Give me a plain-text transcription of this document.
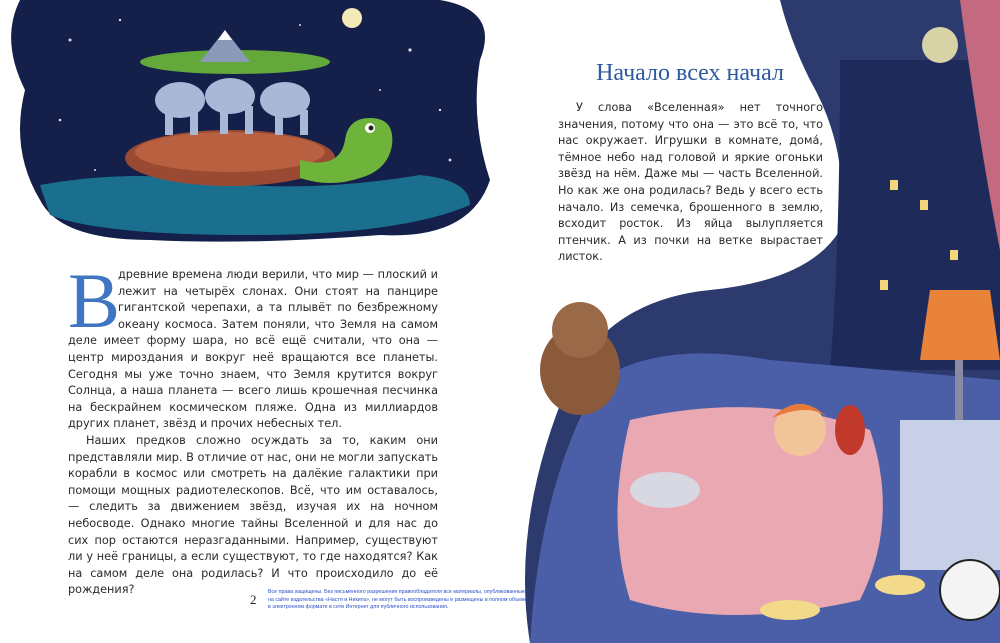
Начало всех начал

У слова «Вселенная» нет точного значения, потому что она — это всё то, что нас окружает. Игрушки в комнате, дома́, тёмное небо над головой и яркие огоньки звёзд на нём. Даже мы — часть Вселенной. Но как же она родилась? Ведь у всего есть начало. Из семечка, брошенного в землю, всходит росток. Из яйца вылупляется птенчик. А из почки на ветке вырастает листок.

В

древние времена люди верили, что мир — плоский и лежит на четырёх слонах. Они стоят на панцире гигантской черепахи, а та плывёт по безбрежному океану космоса. Затем поняли, что Земля на самом деле имеет форму шара, но всё ещё считали, что она — центр мироздания и вокруг неё вращаются все планеты. Сегодня мы уже точно знаем, что Земля крутится вокруг Солнца, а наша планета — всего лишь крошечная песчинка на бескрайнем космическом пляже. Одна из миллиардов других планет, звёзд и прочих небесных тел.

Наших предков сложно осуждать за то, каким они представляли мир. В отличие от нас, они не могли запускать корабли в космос или смотреть на далёкие галактики при помощи мощных радиотелескопов. Всё, что им оставалось, — следить за движением звёзд, изучая их на ночном небосводе. Однако многие тайны Вселенной и для нас до сих пор остаются неразгаданными. Например, существуют ли у неё границы, а если существуют, то где находятся? Как на самом деле она родилась? И что происходило до её рождения?

2 Все права защищены. Без письменного разрешения правообладателя все материалы, опубликованные на сайте издательства «Настя и Никита», не могут быть воспроизведены и размещены в полном объеме в электронном формате в сети Интернет для публичного использования.
